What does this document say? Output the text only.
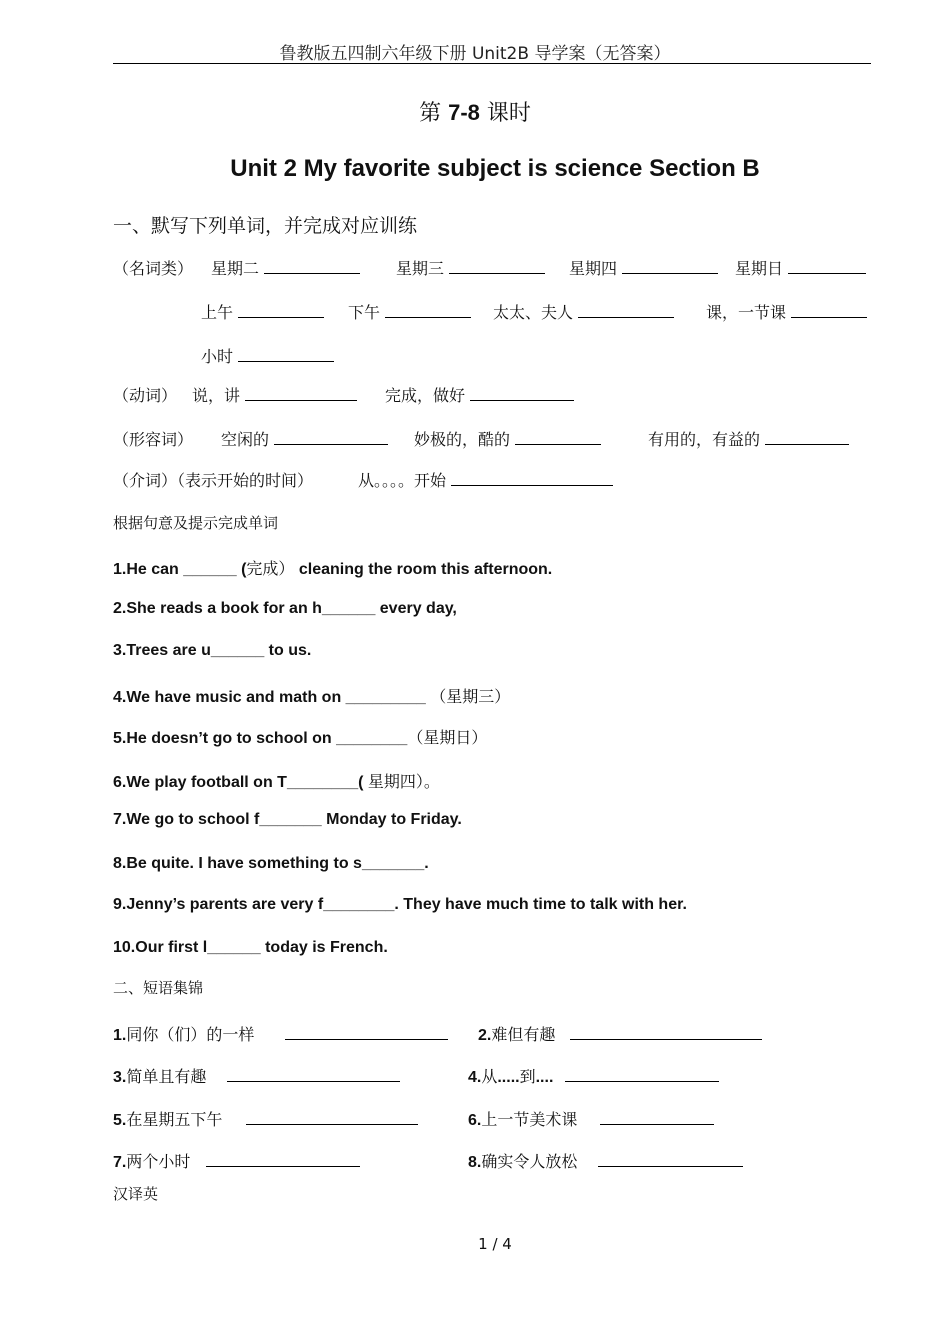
鲁教版五四制六年级下册 Unit2B 导学案（无答案）
第 7-8 课时
Unit 2 My favorite subject is science Section B
一、默写下列单词，并完成对应训练
（名词类） 星期二	星期三	星期四	星期日
上午	下午	太太、夫人	课，一节课
小时
（动词） 说，讲	完成，做好
（形容词） 空闲的	妙极的，酷的	有用的，有益的
（介词）（表示开始的时间）	从。。。。开始
根据句意及提示完成单词
1.He can ______ (完成） cleaning the room this afternoon.
2.She reads a book for an h______ every day,
3.Trees are u______ to us.
4.We have music and math on _________ （星期三）
5.He doesn’t go to school on ________（星期日）
6.We play football on T________( 星期四）。
7.We go to school f_______ Monday to Friday.
8.Be quite. I have something to s_______.
9.Jenny’s parents are very f________. They have much time to talk with her.
10.Our first l______ today is French.
二、短语集锦
1.同你（们）的一样	2.难但有趣
3.简单且有趣	4.从.....到....
5.在星期五下午	6.上一节美术课
7.两个小时	8.确实令人放松
汉译英
1 / 4
